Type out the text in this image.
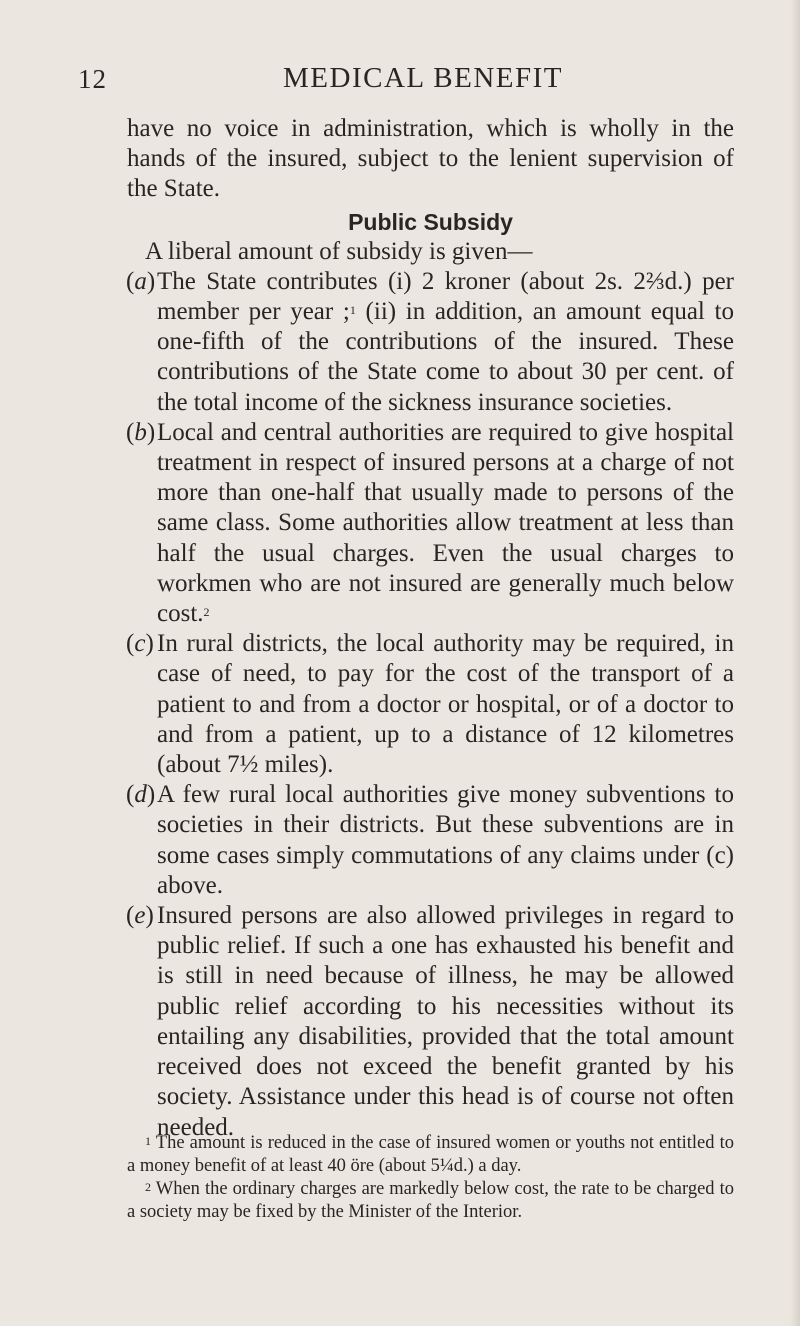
12	MEDICAL BENEFIT

have no voice in administration, which is wholly in the hands of the insured, subject to the lenient supervision of the State.

Public Subsidy

A liberal amount of subsidy is given—

(a) The State contributes (i) 2 kroner (about 2s. 2⅔d.) per member per year ;$^1$ (ii) in addition, an amount equal to one-fifth of the contributions of the insured. These contributions of the State come to about 30 per cent. of the total income of the sickness insurance societies.

(b) Local and central authorities are required to give hospital treatment in respect of insured persons at a charge of not more than one-half that usually made to persons of the same class. Some authorities allow treatment at less than half the usual charges. Even the usual charges to workmen who are not insured are generally much below cost.$^2$

(c) In rural districts, the local authority may be required, in case of need, to pay for the cost of the transport of a patient to and from a doctor or hospital, or of a doctor to and from a patient, up to a distance of 12 kilometres (about 7½ miles).

(d) A few rural local authorities give money subventions to societies in their districts. But these subventions are in some cases simply commutations of any claims under (c) above.

(e) Insured persons are also allowed privileges in regard to public relief. If such a one has exhausted his benefit and is still in need because of illness, he may be allowed public relief according to his necessities without its entailing any disabilities, provided that the total amount received does not exceed the benefit granted by his society. Assistance under this head is of course not often needed.

$^1$ The amount is reduced in the case of insured women or youths not entitled to a money benefit of at least 40 öre (about 5¼d.) a day.

$^2$ When the ordinary charges are markedly below cost, the rate to be charged to a society may be fixed by the Minister of the Interior.
